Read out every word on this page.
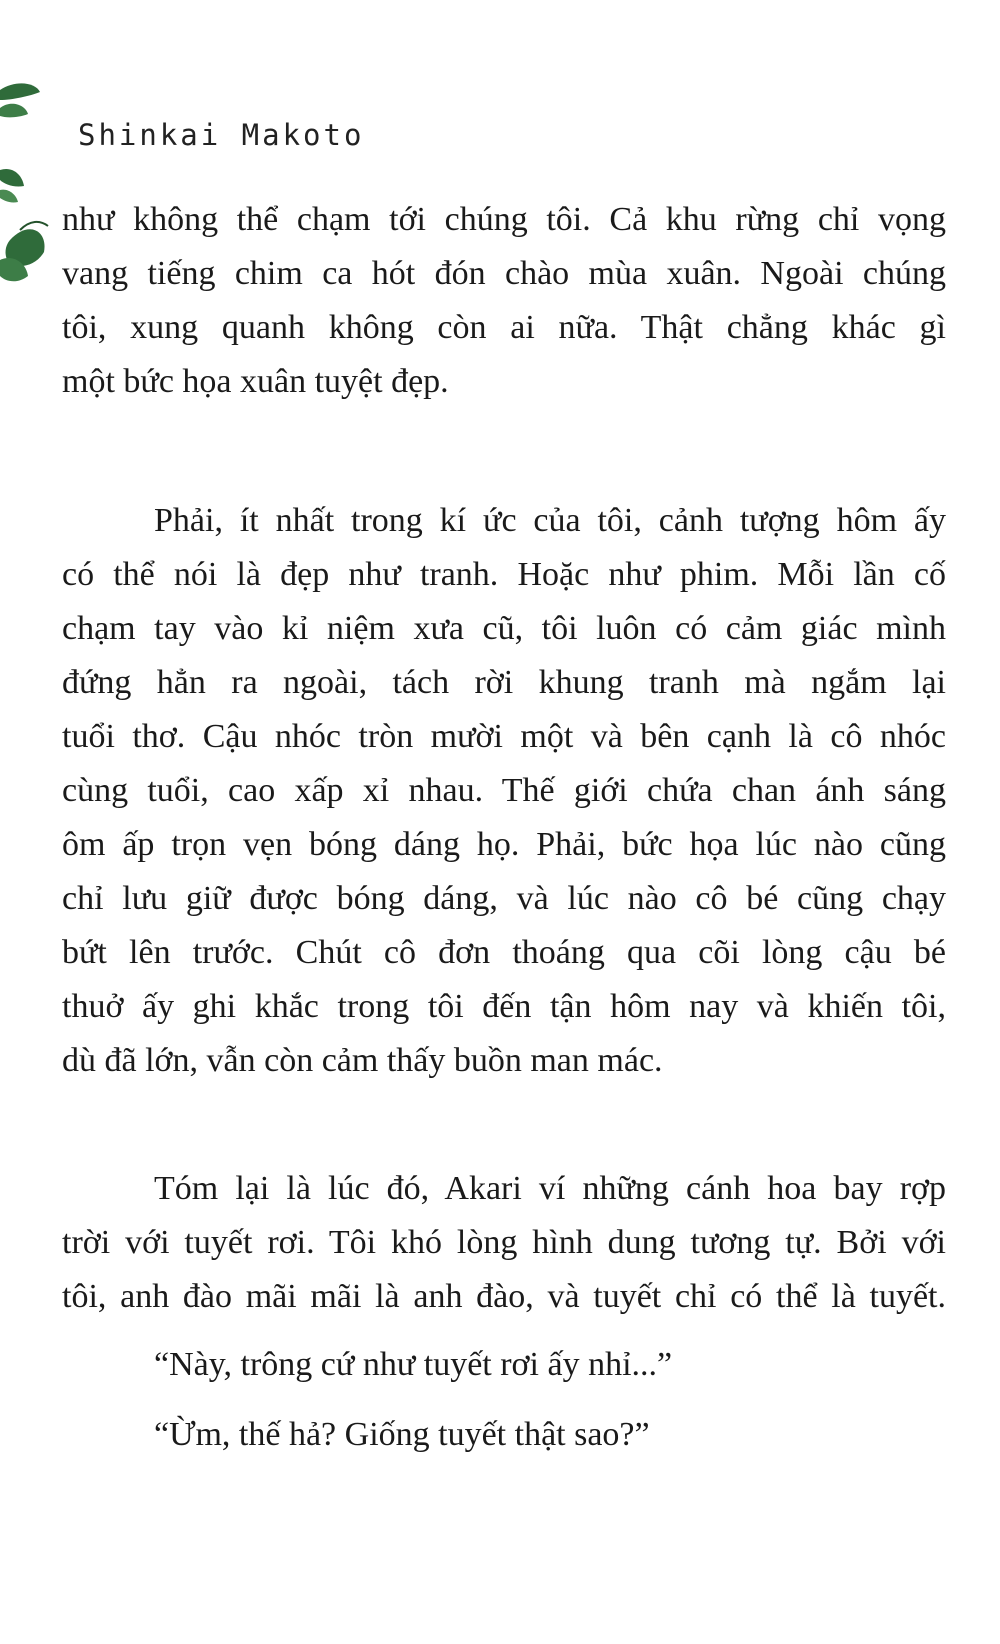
Shinkai Makoto

như không thể chạm tới chúng tôi. Cả khu rừng chỉ vọng
vang tiếng chim ca hót đón chào mùa xuân. Ngoài chúng
tôi, xung quanh không còn ai nữa. Thật chẳng khác gì
một bức họa xuân tuyệt đẹp.
Phải, ít nhất trong kí ức của tôi, cảnh tượng hôm ấy
có thể nói là đẹp như tranh. Hoặc như phim. Mỗi lần cố
chạm tay vào kỉ niệm xưa cũ, tôi luôn có cảm giác mình
đứng hẳn ra ngoài, tách rời khung tranh mà ngắm lại
tuổi thơ. Cậu nhóc tròn mười một và bên cạnh là cô nhóc
cùng tuổi, cao xấp xỉ nhau. Thế giới chứa chan ánh sáng
ôm ấp trọn vẹn bóng dáng họ. Phải, bức họa lúc nào cũng
chỉ lưu giữ được bóng dáng, và lúc nào cô bé cũng chạy
bứt lên trước. Chút cô đơn thoáng qua cõi lòng cậu bé
thuở ấy ghi khắc trong tôi đến tận hôm nay và khiến tôi,
dù đã lớn, vẫn còn cảm thấy buồn man mác.
Tóm lại là lúc đó, Akari ví những cánh hoa bay rợp
trời với tuyết rơi. Tôi khó lòng hình dung tương tự. Bởi với
tôi, anh đào mãi mãi là anh đào, và tuyết chỉ có thể là tuyết.

“Này, trông cứ như tuyết rơi ấy nhỉ...”

“Ừm, thế hả? Giống tuyết thật sao?”
